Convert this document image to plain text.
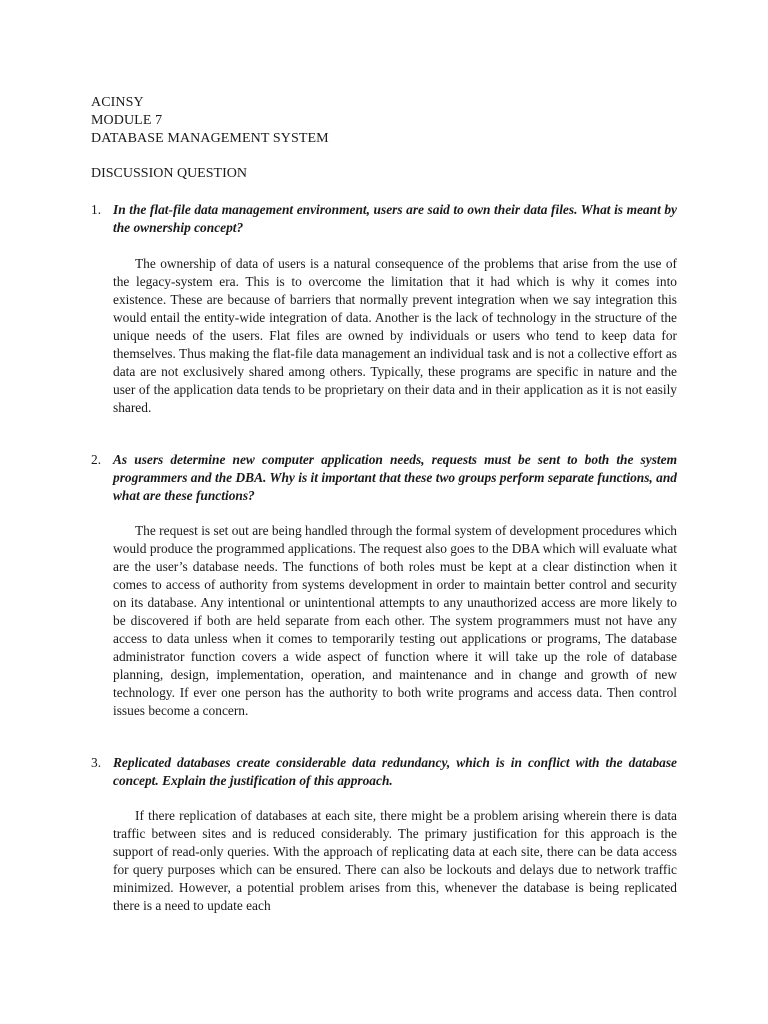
ACINSY
MODULE 7
DATABASE MANAGEMENT SYSTEM
DISCUSSION QUESTION
1. In the flat-file data management environment, users are said to own their data files. What is meant by the ownership concept?
The ownership of data of users is a natural consequence of the problems that arise from the use of the legacy-system era. This is to overcome the limitation that it had which is why it comes into existence. These are because of barriers that normally prevent integration when we say integration this would entail the entity-wide integration of data. Another is the lack of technology in the structure of the unique needs of the users. Flat files are owned by individuals or users who tend to keep data for themselves. Thus making the flat-file data management an individual task and is not a collective effort as data are not exclusively shared among others. Typically, these programs are specific in nature and the user of the application data tends to be proprietary on their data and in their application as it is not easily shared.
2. As users determine new computer application needs, requests must be sent to both the system programmers and the DBA. Why is it important that these two groups perform separate functions, and what are these functions?
The request is set out are being handled through the formal system of development procedures which would produce the programmed applications. The request also goes to the DBA which will evaluate what are the user’s database needs. The functions of both roles must be kept at a clear distinction when it comes to access of authority from systems development in order to maintain better control and security on its database. Any intentional or unintentional attempts to any unauthorized access are more likely to be discovered if both are held separate from each other. The system programmers must not have any access to data unless when it comes to temporarily testing out applications or programs, The database administrator function covers a wide aspect of function where it will take up the role of database planning, design, implementation, operation, and maintenance and in change and growth of new technology. If ever one person has the authority to both write programs and access data. Then control issues become a concern.
3. Replicated databases create considerable data redundancy, which is in conflict with the database concept. Explain the justification of this approach.
If there replication of databases at each site, there might be a problem arising wherein there is data traffic between sites and is reduced considerably. The primary justification for this approach is the support of read-only queries. With the approach of replicating data at each site, there can be data access for query purposes which can be ensured. There can also be lockouts and delays due to network traffic minimized. However, a potential problem arises from this, whenever the database is being replicated there is a need to update each
